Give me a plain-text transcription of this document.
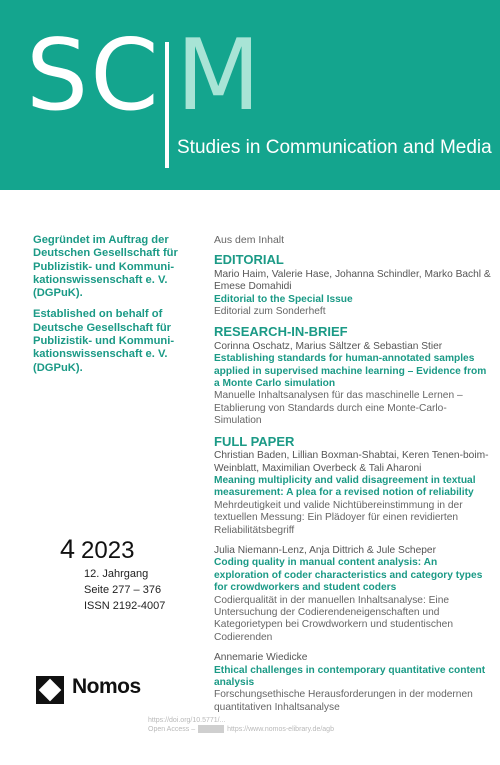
SC M
Studies in Communication and Media

Gegründet im Auftrag der Deutschen Gesellschaft für Publizistik- und Kommuni-kationswissenschaft e. V. (DGPuK).

Established on behalf of Deutsche Gesellschaft für Publizistik- und Kommuni-kationswissenschaft e. V. (DGPuK).

4 2023
12. Jahrgang
Seite 277 – 376
ISSN 2192-4007
Nomos
Aus dem Inhalt
EDITORIAL
Mario Haim, Valerie Hase, Johanna Schindler, Marko Bachl & Emese Domahidi
Editorial to the Special Issue
Editorial zum Sonderheft
RESEARCH-IN-BRIEF
Corinna Oschatz, Marius Sältzer & Sebastian Stier
Establishing standards for human-annotated samples applied in supervised machine learning – Evidence from a Monte Carlo simulation
Manuelle Inhaltsanalysen für das maschinelle Lernen – Etablierung von Standards durch eine Monte-Carlo-Simulation
FULL PAPER
Christian Baden, Lillian Boxman-Shabtai, Keren Tenen-boim-Weinblatt, Maximilian Overbeck & Tali Aharoni
Meaning multiplicity and valid disagreement in textual measurement: A plea for a revised notion of reliability
Mehrdeutigkeit und valide Nichtübereinstimmung in der textuellen Messung: Ein Plädoyer für einen revidierten Reliabilitätsbegriff
Julia Niemann-Lenz, Anja Dittrich & Jule Scheper
Coding quality in manual content analysis: An exploration of coder characteristics and category types for crowdworkers and student coders
Codierqualität in der manuellen Inhaltsanalyse: Eine Untersuchung der Codierendeneigenschaften und Kategorietypen bei Crowdworkern und studentischen Codierenden
Annemarie Wiedicke
Ethical challenges in contemporary quantitative content analysis
Forschungsethische Herausforderungen in der modernen quantitativen Inhaltsanalyse
https://doi.org/10.5771/...
Open Access –	https://www.nomos-elibrary.de/agb
